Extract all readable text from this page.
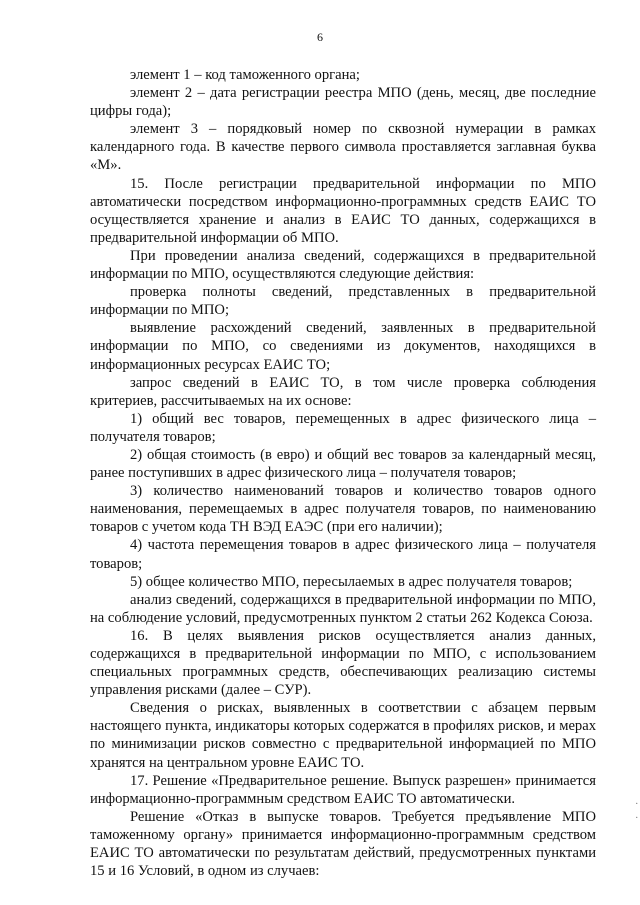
6

элемент 1 – код таможенного органа;

элемент 2 – дата регистрации реестра МПО (день, месяц, две последние цифры года);

элемент 3 – порядковый номер по сквозной нумерации в рамках календарного года. В качестве первого символа проставляется заглавная буква «М».

15. После регистрации предварительной информации по МПО автоматически посредством информационно-программных средств ЕАИС ТО осуществляется хранение и анализ в ЕАИС ТО данных, содержащихся в предварительной информации об МПО.

При проведении анализа сведений, содержащихся в предварительной информации по МПО, осуществляются следующие действия:

проверка полноты сведений, представленных в предварительной информации по МПО;

выявление расхождений сведений, заявленных в предварительной информации по МПО, со сведениями из документов, находящихся в информационных ресурсах ЕАИС ТО;

запрос сведений в ЕАИС ТО, в том числе проверка соблюдения критериев, рассчитываемых на их основе:

1) общий вес товаров, перемещенных в адрес физического лица – получателя товаров;

2) общая стоимость (в евро) и общий вес товаров за календарный месяц, ранее поступивших в адрес физического лица – получателя товаров;

3) количество наименований товаров и количество товаров одного наименования, перемещаемых в адрес получателя товаров, по наименованию товаров с учетом кода ТН ВЭД ЕАЭС (при его наличии);

4) частота перемещения товаров в адрес физического лица – получателя товаров;

5) общее количество МПО, пересылаемых в адрес получателя товаров;

анализ сведений, содержащихся в предварительной информации по МПО, на соблюдение условий, предусмотренных пунктом 2 статьи 262 Кодекса Союза.

16. В целях выявления рисков осуществляется анализ данных, содержащихся в предварительной информации по МПО, с использованием специальных программных средств, обеспечивающих реализацию системы управления рисками (далее – СУР).

Сведения о рисках, выявленных в соответствии с абзацем первым настоящего пункта, индикаторы которых содержатся в профилях рисков, и мерах по минимизации рисков совместно с предварительной информацией по МПО хранятся на центральном уровне ЕАИС ТО.

17. Решение «Предварительное решение. Выпуск разрешен» принимается информационно-программным средством ЕАИС ТО автоматически.

Решение «Отказ в выпуске товаров. Требуется предъявление МПО таможенному органу» принимается информационно-программным средством ЕАИС ТО автоматически по результатам действий, предусмотренных пунктами 15 и 16 Условий, в одном из случаев:

.
.
